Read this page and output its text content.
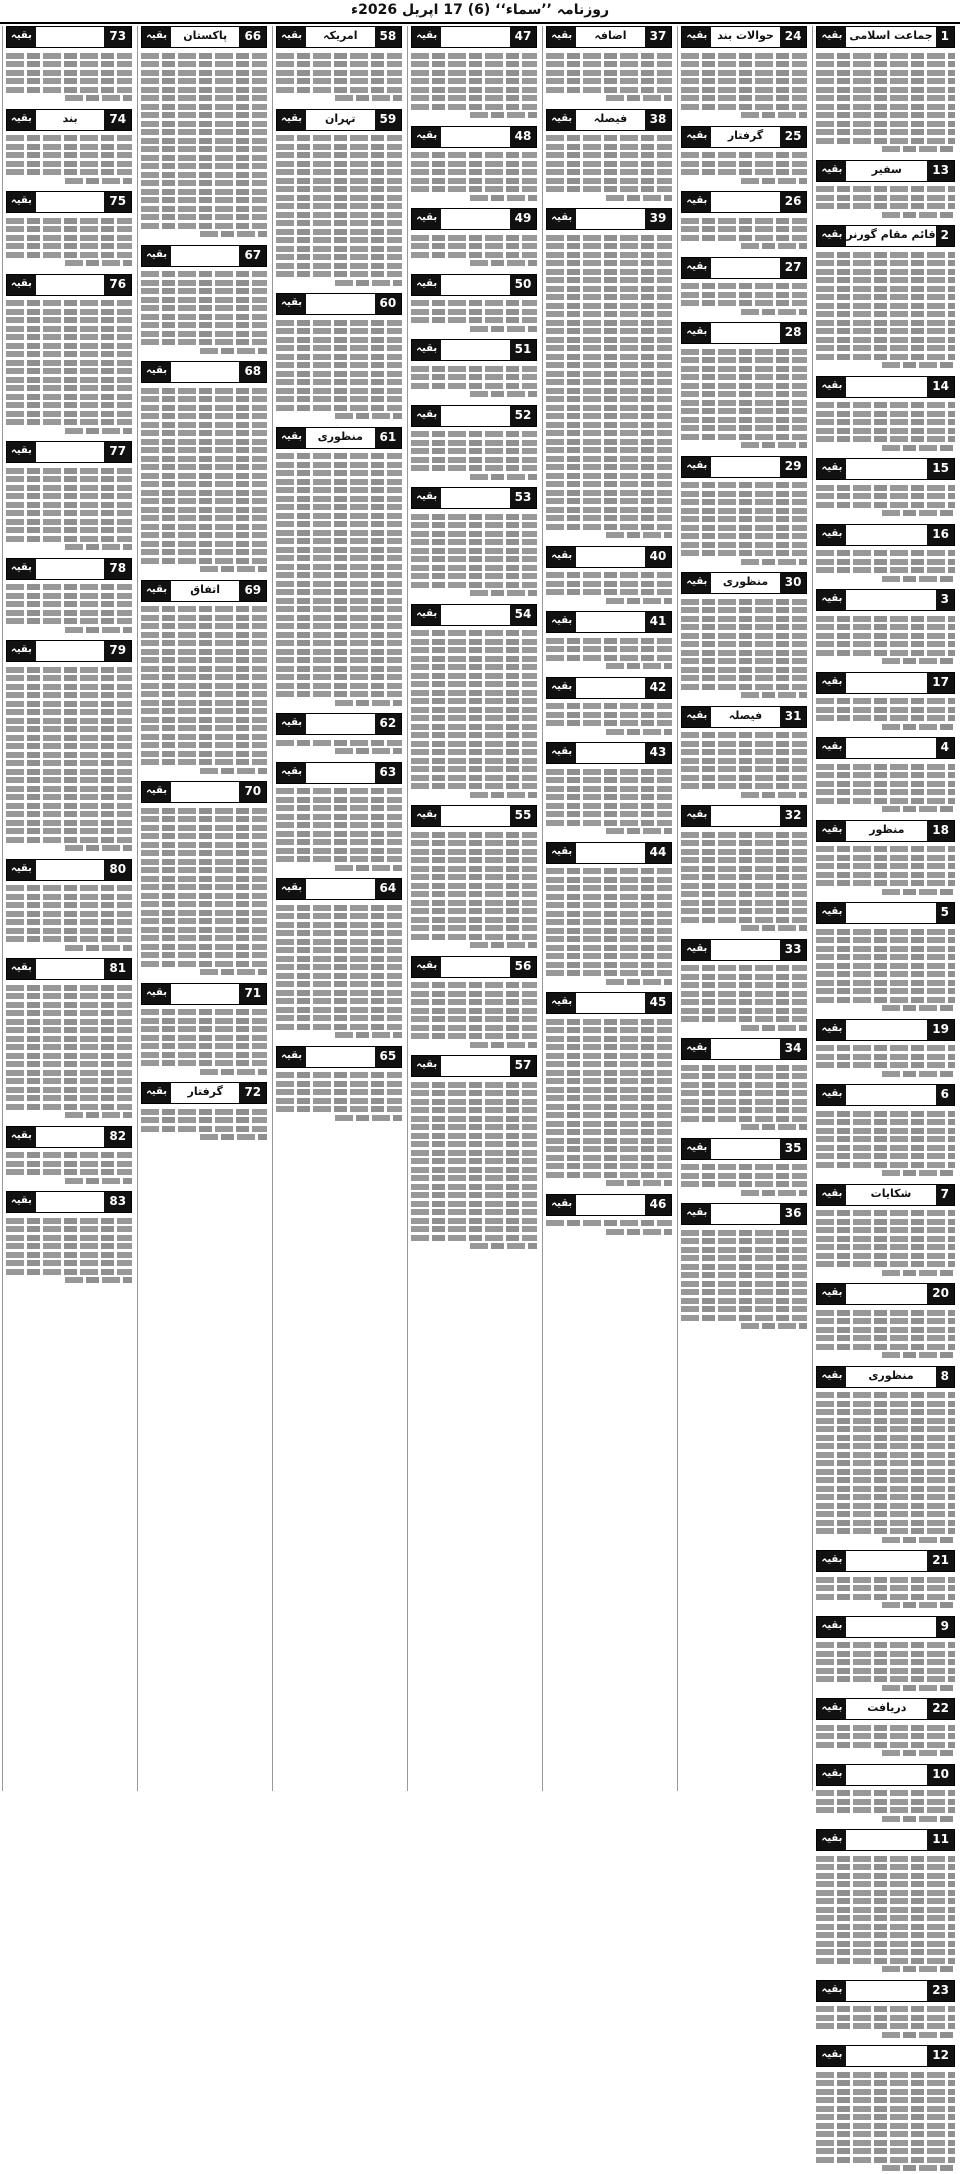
روزنامہ ’’سماء‘‘ (6) 17 اپریل 2026ء
1
جماعت اسلامی
بقیہ
13
سفیر
بقیہ
2
قائم مقام گورنر
بقیہ
14
بقیہ
15
بقیہ
16
بقیہ
3
بقیہ
17
بقیہ
4
بقیہ
18
منظور
بقیہ
5
بقیہ
19
بقیہ
6
بقیہ
7
شکایات
بقیہ
20
بقیہ
8
منظوری
بقیہ
21
بقیہ
9
بقیہ
22
دریافت
بقیہ
10
بقیہ
11
بقیہ
23
بقیہ
12
بقیہ
24
حوالات بند
بقیہ
25
گرفتار
بقیہ
26
بقیہ
27
بقیہ
28
بقیہ
29
بقیہ
30
منظوری
بقیہ
31
فیصلہ
بقیہ
32
بقیہ
33
بقیہ
34
بقیہ
35
بقیہ
36
بقیہ
37
اضافہ
بقیہ
38
فیصلہ
بقیہ
39
بقیہ
40
بقیہ
41
بقیہ
42
بقیہ
43
بقیہ
44
بقیہ
45
بقیہ
46
بقیہ
47
بقیہ
48
بقیہ
49
بقیہ
50
بقیہ
51
بقیہ
52
بقیہ
53
بقیہ
54
بقیہ
55
بقیہ
56
بقیہ
57
بقیہ
58
امریکہ
بقیہ
59
تہران
بقیہ
60
بقیہ
61
منظوری
بقیہ
62
بقیہ
63
بقیہ
64
بقیہ
65
بقیہ
66
پاکستان
بقیہ
67
بقیہ
68
بقیہ
69
اتفاق
بقیہ
70
بقیہ
71
بقیہ
72
گرفتار
بقیہ
73
بقیہ
74
بند
بقیہ
75
بقیہ
76
بقیہ
77
بقیہ
78
بقیہ
79
بقیہ
80
بقیہ
81
بقیہ
82
بقیہ
83
بقیہ
